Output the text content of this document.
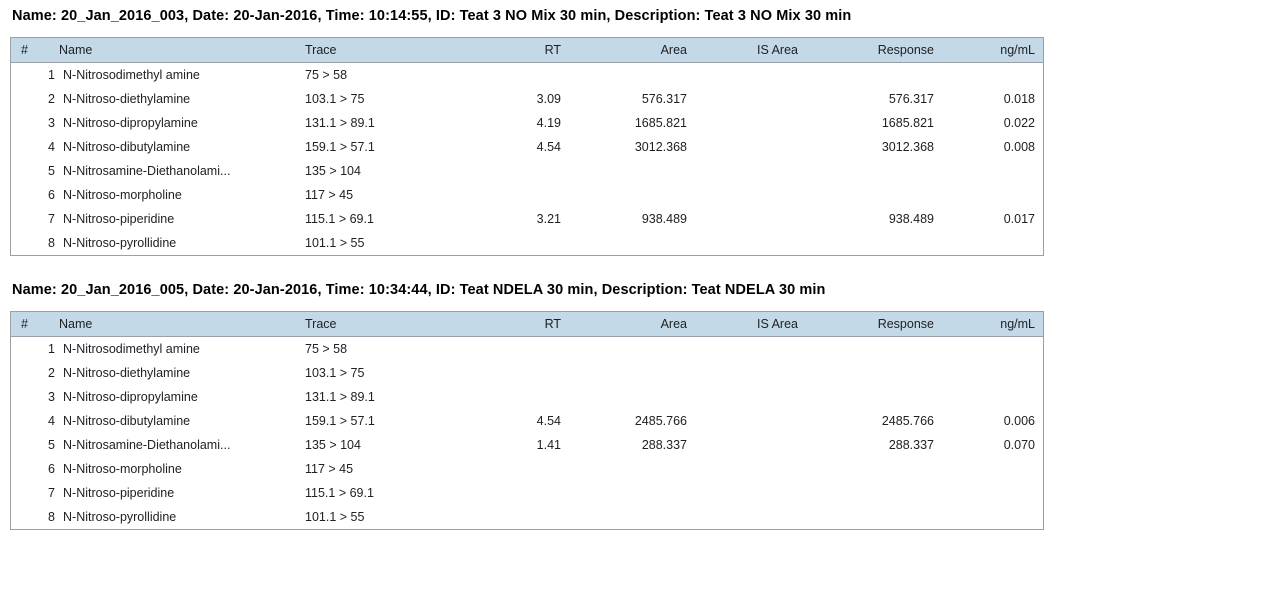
Name: 20_Jan_2016_003, Date: 20-Jan-2016, Time: 10:14:55, ID: Teat 3 NO Mix 30 min, Description: Teat 3 NO Mix 30 min
#	Name	Trace	RT	Area	IS Area	Response	ng/mL
1	N-Nitrosodimethyl amine	75 > 58					
2	N-Nitroso-diethylamine	103.1 > 75	3.09	576.317		576.317	0.018
3	N-Nitroso-dipropylamine	131.1 > 89.1	4.19	1685.821		1685.821	0.022
4	N-Nitroso-dibutylamine	159.1 > 57.1	4.54	3012.368		3012.368	0.008
5	N-Nitrosamine-Diethanolami...	135 > 104					
6	N-Nitroso-morpholine	117 > 45					
7	N-Nitroso-piperidine	115.1 > 69.1	3.21	938.489		938.489	0.017
8	N-Nitroso-pyrollidine	101.1 > 55					
Name: 20_Jan_2016_005, Date: 20-Jan-2016, Time: 10:34:44, ID: Teat NDELA 30 min, Description: Teat NDELA 30 min
#	Name	Trace	RT	Area	IS Area	Response	ng/mL
1	N-Nitrosodimethyl amine	75 > 58					
2	N-Nitroso-diethylamine	103.1 > 75					
3	N-Nitroso-dipropylamine	131.1 > 89.1					
4	N-Nitroso-dibutylamine	159.1 > 57.1	4.54	2485.766		2485.766	0.006
5	N-Nitrosamine-Diethanolami...	135 > 104	1.41	288.337		288.337	0.070
6	N-Nitroso-morpholine	117 > 45					
7	N-Nitroso-piperidine	115.1 > 69.1					
8	N-Nitroso-pyrollidine	101.1 > 55					
